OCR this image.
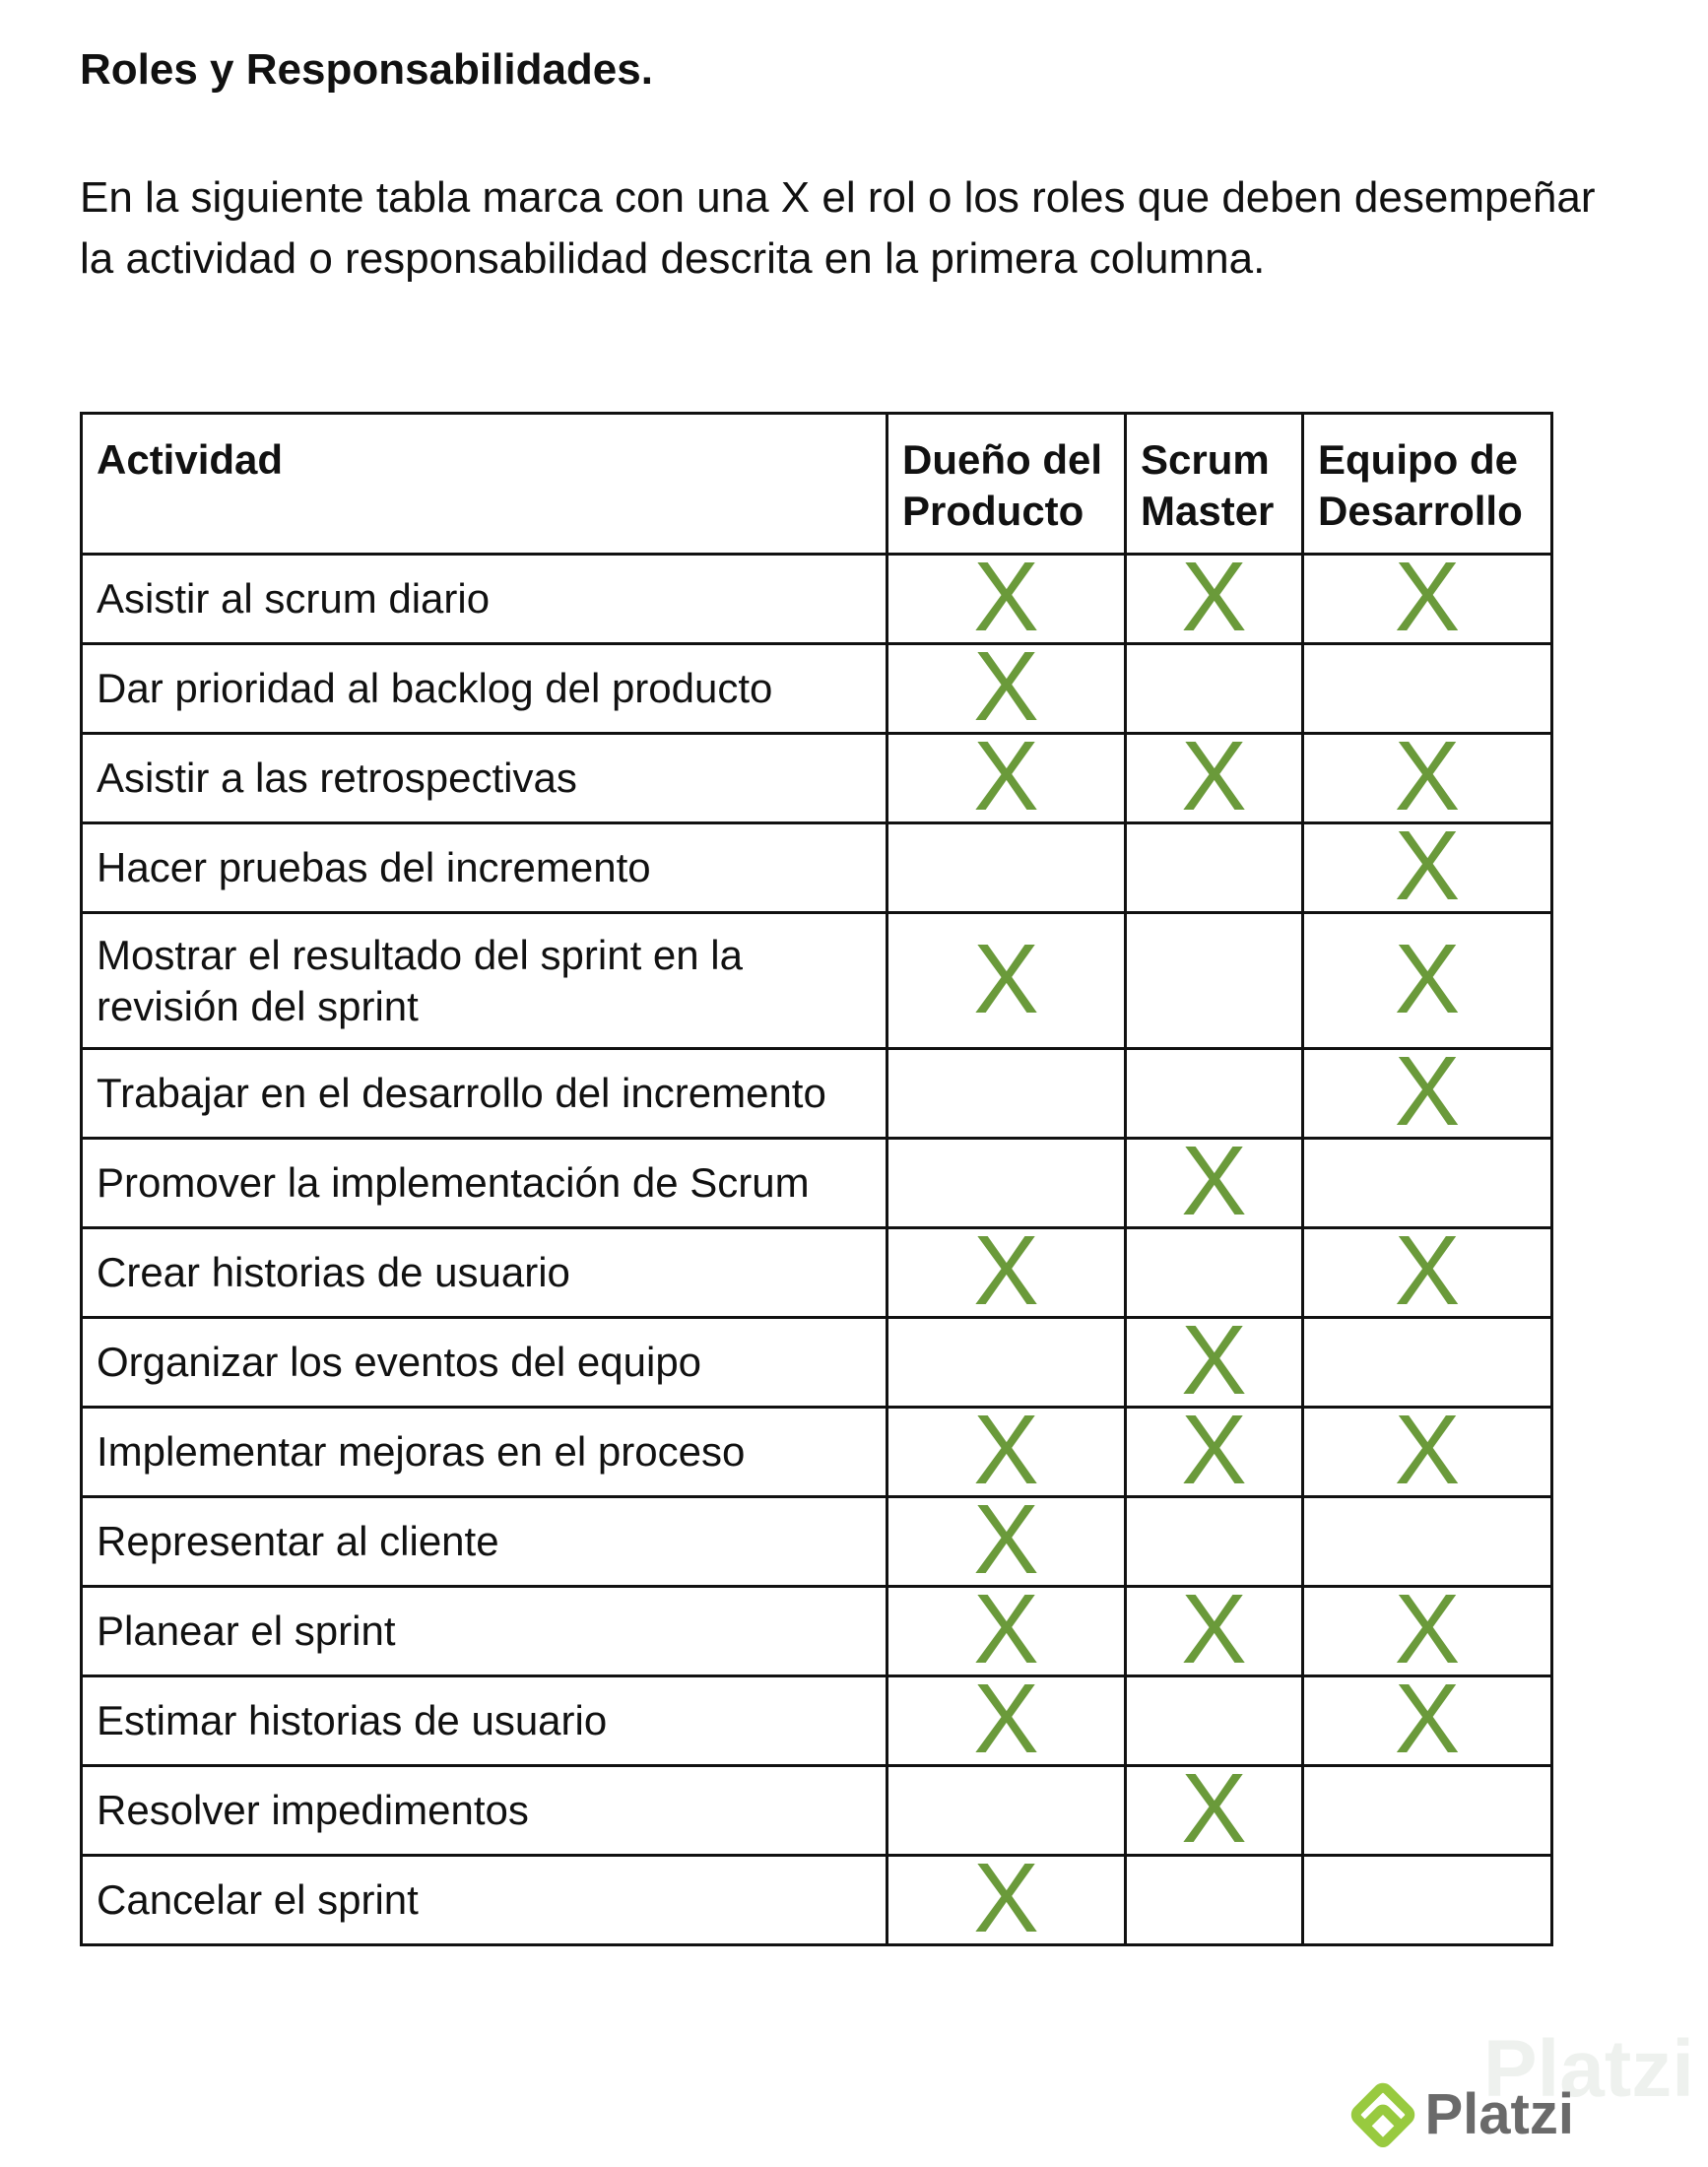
Roles y Responsabilidades.

En la siguiente tabla marca con una X el rol o los roles que deben desempeñar la actividad o responsabilidad descrita en la primera columna.

Actividad	Dueño del Producto	Scrum Master	Equipo de Desarrollo
Asistir al scrum diario	X	X	X
Dar prioridad al backlog del producto	X		
Asistir a las retrospectivas	X	X	X
Hacer pruebas del incremento			X
Mostrar el resultado del sprint en la revisión del sprint	X		X
Trabajar en el desarrollo del incremento			X
Promover la implementación de Scrum		X	
Crear historias de usuario	X		X
Organizar los eventos del equipo		X	
Implementar mejoras en el proceso	X	X	X
Representar al cliente	X		
Planear el sprint	X	X	X
Estimar historias de usuario	X		X
Resolver impedimentos		X	
Cancelar el sprint	X		
Platzi
Platzi
